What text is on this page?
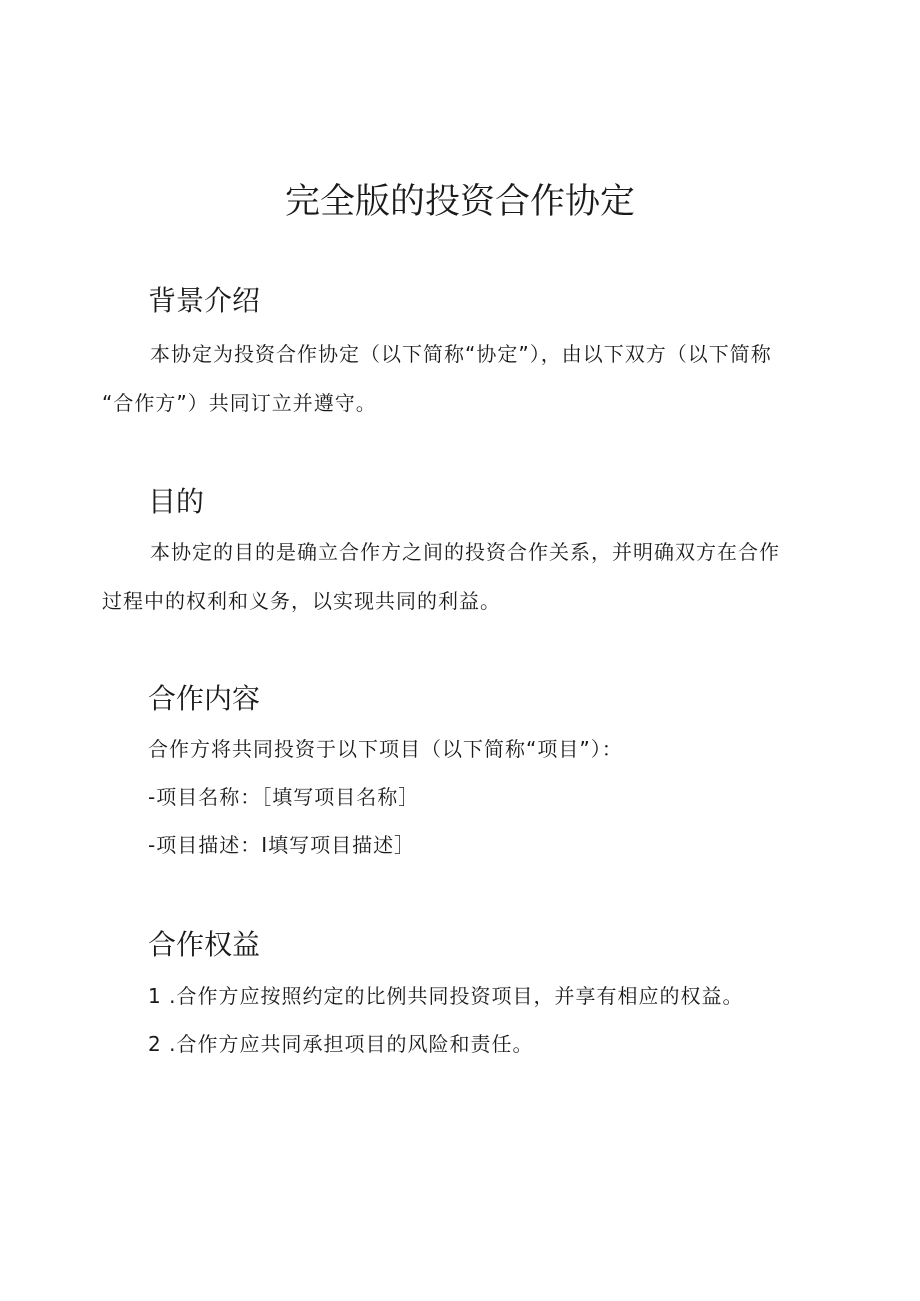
完全版的投资合作协定
背景介绍

本协定为投资合作协定（以下简称“协定”），由以下双方（以下简称

“合作方”）共同订立并遵守。

目的

本协定的目的是确立合作方之间的投资合作关系，并明确双方在合作

过程中的权利和义务，以实现共同的利益。

合作内容

合作方将共同投资于以下项目（以下简称“项目”）：

-项目名称：［填写项目名称］

-项目描述：I填写项目描述］

合作权益

1 .合作方应按照约定的比例共同投资项目，并享有相应的权益。

2 .合作方应共同承担项目的风险和责任。
